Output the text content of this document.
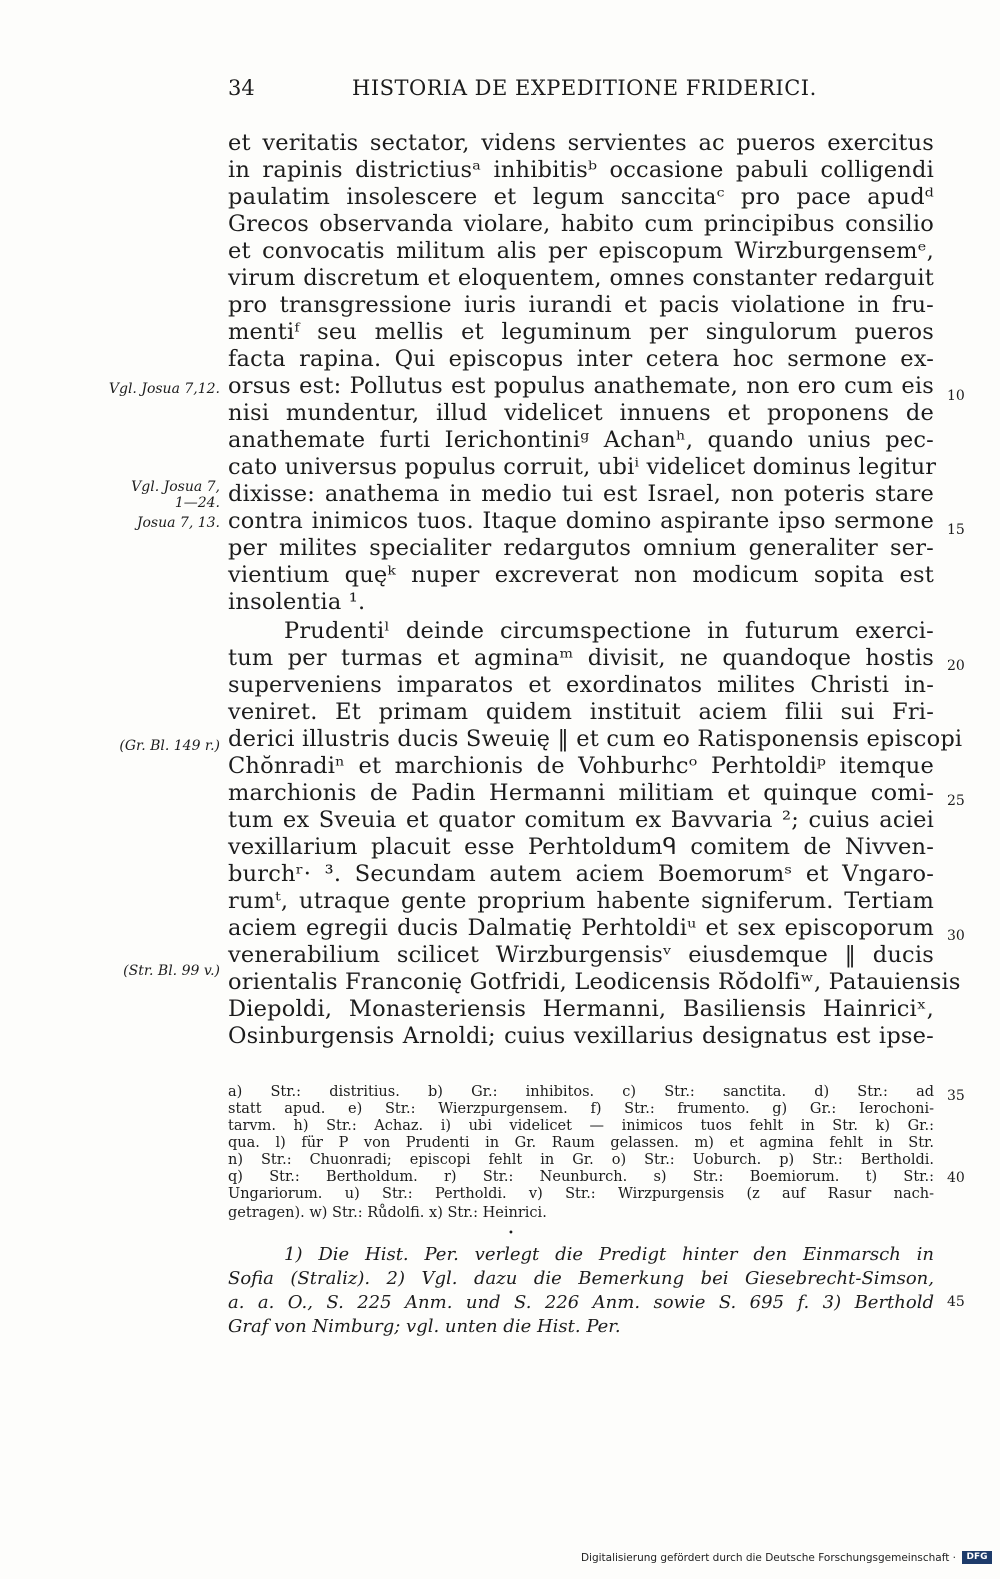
34	HISTORIA DE EXPEDITIONE FRIDERICI.
et veritatis sectator, videns servientes ac pueros exercitus
in rapinis districtiusᵃ inhibitisᵇ occasione pabuli colligendi
paulatim insolescere et legum sanccitaᶜ pro pace apudᵈ
Grecos observanda violare, habito cum principibus consilio
et convocatis militum alis per episcopum Wirzburgensemᵉ,
virum discretum et eloquentem, omnes constanter redarguit
pro transgressione iuris iurandi et pacis violatione in fru-
mentiᶠ seu mellis et leguminum per singulorum pueros
facta rapina. Qui episcopus inter cetera hoc sermone ex-
orsus est: Pollutus est populus anathemate, non ero cum eis
nisi mundentur, illud videlicet innuens et proponens de
anathemate furti Ierichontiniᵍ Achanʰ, quando unius pec-
cato universus populus corruit, ubiⁱ videlicet dominus legitur
dixisse: anathema in medio tui est Israel, non poteris stare
contra inimicos tuos. Itaque domino aspirante ipso sermone
per milites specialiter redargutos omnium generaliter ser-
vientium quęᵏ nuper excreverat non modicum sopita est
insolentia ¹.
Prudentiˡ deinde circumspectione in futurum exerci-
tum per turmas et agminaᵐ divisit, ne quandoque hostis
superveniens imparatos et exordinatos milites Christi in-
veniret. Et primam quidem instituit aciem filii sui Fri-
derici illustris ducis Sweuię ‖ et cum eo Ratisponensis episcopi
Chŏnradiⁿ et marchionis de Vohburhcᵒ Perhtoldiᵖ itemque
marchionis de Padin Hermanni militiam et quinque comi-
tum ex Sveuia et quator comitum ex Bavvaria ²; cuius aciei
vexillarium placuit esse Perhtoldumᑫ comitem de Nivven-
burchʳ· ³. Secundam autem aciem Boemorumˢ et Vngaro-
rumᵗ, utraque gente proprium habente signiferum. Tertiam
aciem egregii ducis Dalmatię Perhtoldiᵘ et sex episcoporum
venerabilium scilicet Wirzburgensisᵛ eiusdemque ‖ ducis
orientalis Franconię Gotfridi, Leodicensis Rŏdolfiʷ, Patauiensis
Diepoldi, Monasteriensis Hermanni, Basiliensis Hainriciˣ,
Osinburgensis Arnoldi; cuius vexillarius designatus est ipse-
Vgl. Josua 7,12.
Vgl. Josua 7,
1—24.
Josua 7, 13.
(Gr. Bl. 149 r.)
(Str. Bl. 99 v.)
10
15
20
25
30
35
40
45
a) Str.: distritius. b) Gr.: inhibitos. c) Str.: sanctita. d) Str.: ad
statt apud. e) Str.: Wierzpurgensem. f) Str.: frumento. g) Gr.: Ierochoni-
tarvm. h) Str.: Achaz. i) ubi videlicet — inimicos tuos fehlt in Str. k) Gr.:
qua. l) für P von Prudenti in Gr. Raum gelassen. m) et agmina fehlt in Str.
n) Str.: Chuonradi; episcopi fehlt in Gr. o) Str.: Uoburch. p) Str.: Bertholdi.
q) Str.: Bertholdum. r) Str.: Neunburch. s) Str.: Boemiorum. t) Str.:
Ungariorum. u) Str.: Pertholdi. v) Str.: Wirzpurgensis (z auf Rasur nach-
getragen). w) Str.: Růdolfi. x) Str.: Heinrici.
•
1) Die Hist. Per. verlegt die Predigt hinter den Einmarsch in
Sofia (Straliz). 2) Vgl. dazu die Bemerkung bei Giesebrecht-Simson,
a. a. O., S. 225 Anm. und S. 226 Anm. sowie S. 695 f. 3) Berthold
Graf von Nimburg; vgl. unten die Hist. Per.
Digitalisierung gefördert durch die Deutsche Forschungsgemeinschaft ·	DFG
